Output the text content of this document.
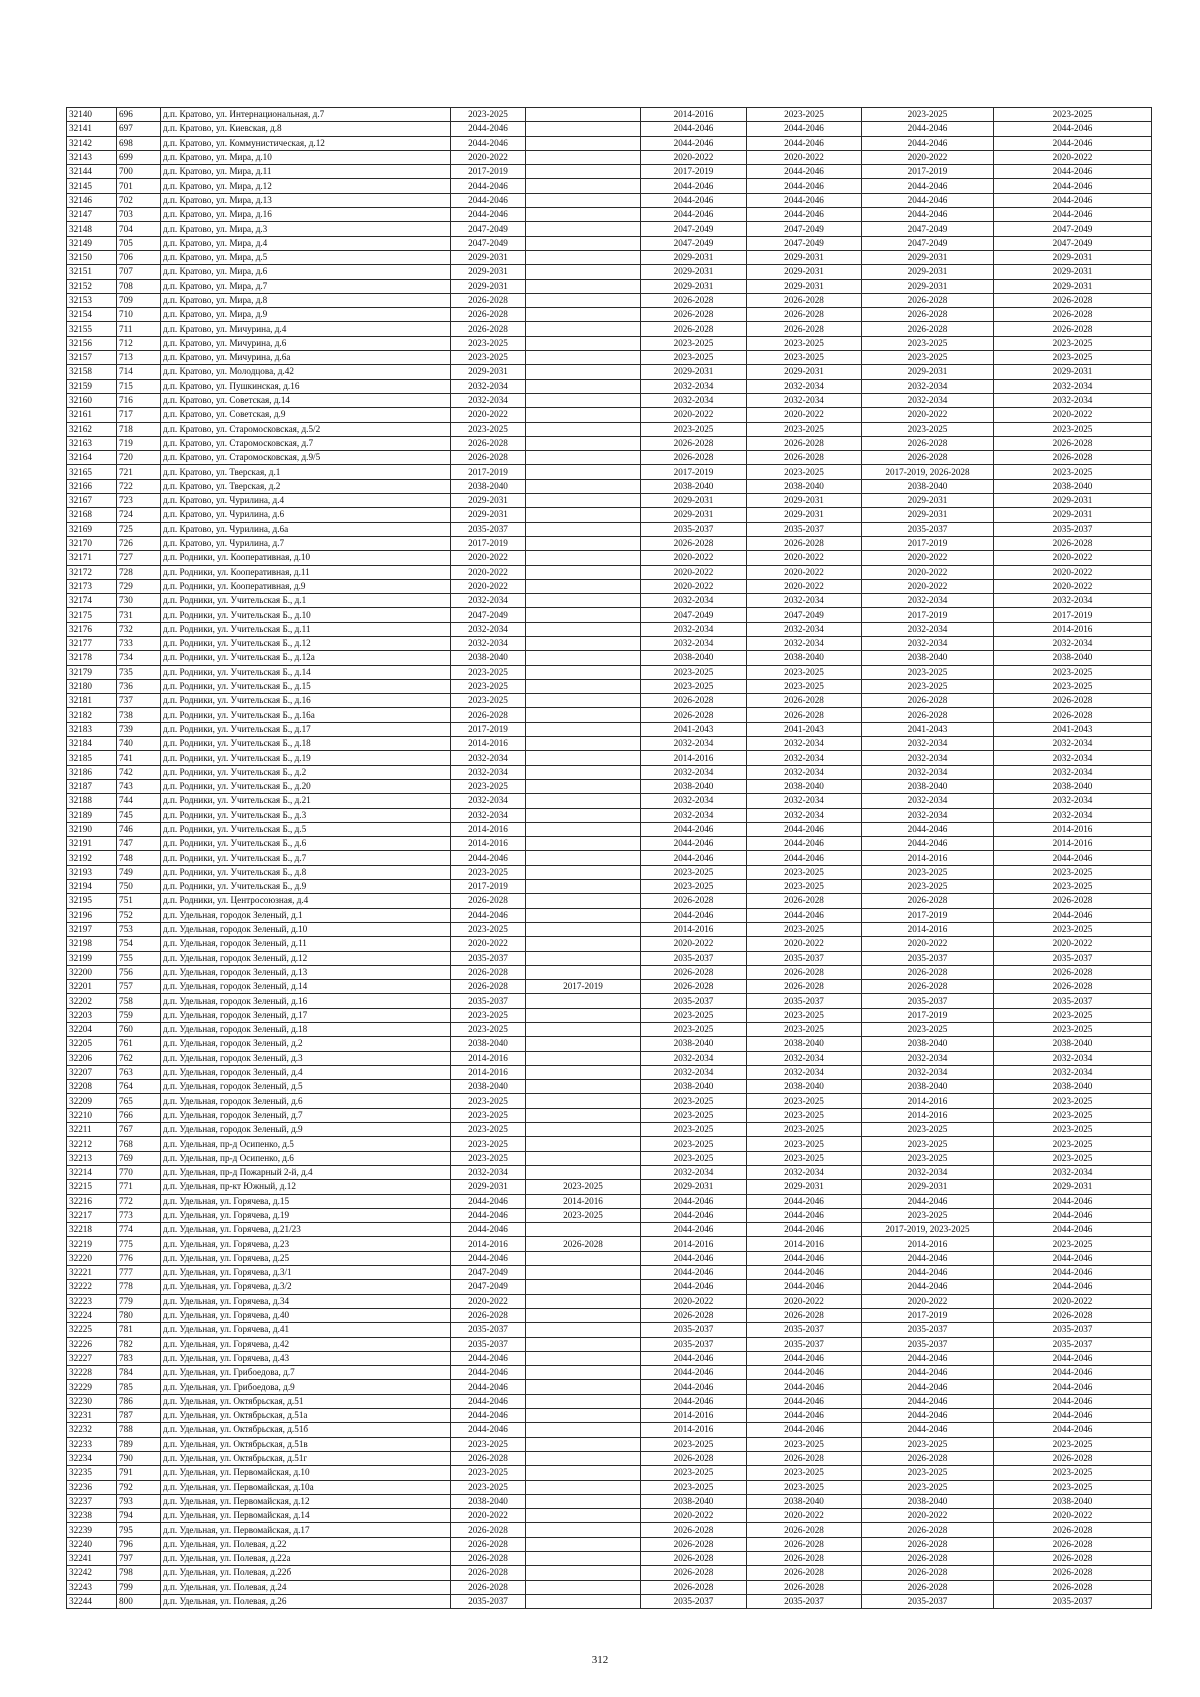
32140	696	д.п. Кратово, ул. Интернациональная, д.7	2023-2025		2014-2016	2023-2025	2023-2025	2023-2025
32141	697	д.п. Кратово, ул. Киевская, д.8	2044-2046		2044-2046	2044-2046	2044-2046	2044-2046
32142	698	д.п. Кратово, ул. Коммунистическая, д.12	2044-2046		2044-2046	2044-2046	2044-2046	2044-2046
32143	699	д.п. Кратово, ул. Мира, д.10	2020-2022		2020-2022	2020-2022	2020-2022	2020-2022
32144	700	д.п. Кратово, ул. Мира, д.11	2017-2019		2017-2019	2044-2046	2017-2019	2044-2046
32145	701	д.п. Кратово, ул. Мира, д.12	2044-2046		2044-2046	2044-2046	2044-2046	2044-2046
32146	702	д.п. Кратово, ул. Мира, д.13	2044-2046		2044-2046	2044-2046	2044-2046	2044-2046
32147	703	д.п. Кратово, ул. Мира, д.16	2044-2046		2044-2046	2044-2046	2044-2046	2044-2046
32148	704	д.п. Кратово, ул. Мира, д.3	2047-2049		2047-2049	2047-2049	2047-2049	2047-2049
32149	705	д.п. Кратово, ул. Мира, д.4	2047-2049		2047-2049	2047-2049	2047-2049	2047-2049
32150	706	д.п. Кратово, ул. Мира, д.5	2029-2031		2029-2031	2029-2031	2029-2031	2029-2031
32151	707	д.п. Кратово, ул. Мира, д.6	2029-2031		2029-2031	2029-2031	2029-2031	2029-2031
32152	708	д.п. Кратово, ул. Мира, д.7	2029-2031		2029-2031	2029-2031	2029-2031	2029-2031
32153	709	д.п. Кратово, ул. Мира, д.8	2026-2028		2026-2028	2026-2028	2026-2028	2026-2028
32154	710	д.п. Кратово, ул. Мира, д.9	2026-2028		2026-2028	2026-2028	2026-2028	2026-2028
32155	711	д.п. Кратово, ул. Мичурина, д.4	2026-2028		2026-2028	2026-2028	2026-2028	2026-2028
32156	712	д.п. Кратово, ул. Мичурина, д.6	2023-2025		2023-2025	2023-2025	2023-2025	2023-2025
32157	713	д.п. Кратово, ул. Мичурина, д.6а	2023-2025		2023-2025	2023-2025	2023-2025	2023-2025
32158	714	д.п. Кратово, ул. Молодцова, д.42	2029-2031		2029-2031	2029-2031	2029-2031	2029-2031
32159	715	д.п. Кратово, ул. Пушкинская, д.16	2032-2034		2032-2034	2032-2034	2032-2034	2032-2034
32160	716	д.п. Кратово, ул. Советская, д.14	2032-2034		2032-2034	2032-2034	2032-2034	2032-2034
32161	717	д.п. Кратово, ул. Советская, д.9	2020-2022		2020-2022	2020-2022	2020-2022	2020-2022
32162	718	д.п. Кратово, ул. Старомосковская, д.5/2	2023-2025		2023-2025	2023-2025	2023-2025	2023-2025
32163	719	д.п. Кратово, ул. Старомосковская, д.7	2026-2028		2026-2028	2026-2028	2026-2028	2026-2028
32164	720	д.п. Кратово, ул. Старомосковская, д.9/5	2026-2028		2026-2028	2026-2028	2026-2028	2026-2028
32165	721	д.п. Кратово, ул. Тверская, д.1	2017-2019		2017-2019	2023-2025	2017-2019, 2026-2028	2023-2025
32166	722	д.п. Кратово, ул. Тверская, д.2	2038-2040		2038-2040	2038-2040	2038-2040	2038-2040
32167	723	д.п. Кратово, ул. Чурилина, д.4	2029-2031		2029-2031	2029-2031	2029-2031	2029-2031
32168	724	д.п. Кратово, ул. Чурилина, д.6	2029-2031		2029-2031	2029-2031	2029-2031	2029-2031
32169	725	д.п. Кратово, ул. Чурилина, д.6а	2035-2037		2035-2037	2035-2037	2035-2037	2035-2037
32170	726	д.п. Кратово, ул. Чурилина, д.7	2017-2019		2026-2028	2026-2028	2017-2019	2026-2028
32171	727	д.п. Родники, ул. Кооперативная, д.10	2020-2022		2020-2022	2020-2022	2020-2022	2020-2022
32172	728	д.п. Родники, ул. Кооперативная, д.11	2020-2022		2020-2022	2020-2022	2020-2022	2020-2022
32173	729	д.п. Родники, ул. Кооперативная, д.9	2020-2022		2020-2022	2020-2022	2020-2022	2020-2022
32174	730	д.п. Родники, ул. Учительская Б., д.1	2032-2034		2032-2034	2032-2034	2032-2034	2032-2034
32175	731	д.п. Родники, ул. Учительская Б., д.10	2047-2049		2047-2049	2047-2049	2017-2019	2017-2019
32176	732	д.п. Родники, ул. Учительская Б., д.11	2032-2034		2032-2034	2032-2034	2032-2034	2014-2016
32177	733	д.п. Родники, ул. Учительская Б., д.12	2032-2034		2032-2034	2032-2034	2032-2034	2032-2034
32178	734	д.п. Родники, ул. Учительская Б., д.12а	2038-2040		2038-2040	2038-2040	2038-2040	2038-2040
32179	735	д.п. Родники, ул. Учительская Б., д.14	2023-2025		2023-2025	2023-2025	2023-2025	2023-2025
32180	736	д.п. Родники, ул. Учительская Б., д.15	2023-2025		2023-2025	2023-2025	2023-2025	2023-2025
32181	737	д.п. Родники, ул. Учительская Б., д.16	2023-2025		2026-2028	2026-2028	2026-2028	2026-2028
32182	738	д.п. Родники, ул. Учительская Б., д.16а	2026-2028		2026-2028	2026-2028	2026-2028	2026-2028
32183	739	д.п. Родники, ул. Учительская Б., д.17	2017-2019		2041-2043	2041-2043	2041-2043	2041-2043
32184	740	д.п. Родники, ул. Учительская Б., д.18	2014-2016		2032-2034	2032-2034	2032-2034	2032-2034
32185	741	д.п. Родники, ул. Учительская Б., д.19	2032-2034		2014-2016	2032-2034	2032-2034	2032-2034
32186	742	д.п. Родники, ул. Учительская Б., д.2	2032-2034		2032-2034	2032-2034	2032-2034	2032-2034
32187	743	д.п. Родники, ул. Учительская Б., д.20	2023-2025		2038-2040	2038-2040	2038-2040	2038-2040
32188	744	д.п. Родники, ул. Учительская Б., д.21	2032-2034		2032-2034	2032-2034	2032-2034	2032-2034
32189	745	д.п. Родники, ул. Учительская Б., д.3	2032-2034		2032-2034	2032-2034	2032-2034	2032-2034
32190	746	д.п. Родники, ул. Учительская Б., д.5	2014-2016		2044-2046	2044-2046	2044-2046	2014-2016
32191	747	д.п. Родники, ул. Учительская Б., д.6	2014-2016		2044-2046	2044-2046	2044-2046	2014-2016
32192	748	д.п. Родники, ул. Учительская Б., д.7	2044-2046		2044-2046	2044-2046	2014-2016	2044-2046
32193	749	д.п. Родники, ул. Учительская Б., д.8	2023-2025		2023-2025	2023-2025	2023-2025	2023-2025
32194	750	д.п. Родники, ул. Учительская Б., д.9	2017-2019		2023-2025	2023-2025	2023-2025	2023-2025
32195	751	д.п. Родники, ул. Центросоюзная, д.4	2026-2028		2026-2028	2026-2028	2026-2028	2026-2028
32196	752	д.п. Удельная, городок Зеленый, д.1	2044-2046		2044-2046	2044-2046	2017-2019	2044-2046
32197	753	д.п. Удельная, городок Зеленый, д.10	2023-2025		2014-2016	2023-2025	2014-2016	2023-2025
32198	754	д.п. Удельная, городок Зеленый, д.11	2020-2022		2020-2022	2020-2022	2020-2022	2020-2022
32199	755	д.п. Удельная, городок Зеленый, д.12	2035-2037		2035-2037	2035-2037	2035-2037	2035-2037
32200	756	д.п. Удельная, городок Зеленый, д.13	2026-2028		2026-2028	2026-2028	2026-2028	2026-2028
32201	757	д.п. Удельная, городок Зеленый, д.14	2026-2028	2017-2019	2026-2028	2026-2028	2026-2028	2026-2028
32202	758	д.п. Удельная, городок Зеленый, д.16	2035-2037		2035-2037	2035-2037	2035-2037	2035-2037
32203	759	д.п. Удельная, городок Зеленый, д.17	2023-2025		2023-2025	2023-2025	2017-2019	2023-2025
32204	760	д.п. Удельная, городок Зеленый, д.18	2023-2025		2023-2025	2023-2025	2023-2025	2023-2025
32205	761	д.п. Удельная, городок Зеленый, д.2	2038-2040		2038-2040	2038-2040	2038-2040	2038-2040
32206	762	д.п. Удельная, городок Зеленый, д.3	2014-2016		2032-2034	2032-2034	2032-2034	2032-2034
32207	763	д.п. Удельная, городок Зеленый, д.4	2014-2016		2032-2034	2032-2034	2032-2034	2032-2034
32208	764	д.п. Удельная, городок Зеленый, д.5	2038-2040		2038-2040	2038-2040	2038-2040	2038-2040
32209	765	д.п. Удельная, городок Зеленый, д.6	2023-2025		2023-2025	2023-2025	2014-2016	2023-2025
32210	766	д.п. Удельная, городок Зеленый, д.7	2023-2025		2023-2025	2023-2025	2014-2016	2023-2025
32211	767	д.п. Удельная, городок Зеленый, д.9	2023-2025		2023-2025	2023-2025	2023-2025	2023-2025
32212	768	д.п. Удельная, пр-д Осипенко, д.5	2023-2025		2023-2025	2023-2025	2023-2025	2023-2025
32213	769	д.п. Удельная, пр-д Осипенко, д.6	2023-2025		2023-2025	2023-2025	2023-2025	2023-2025
32214	770	д.п. Удельная, пр-д Пожарный 2-й, д.4	2032-2034		2032-2034	2032-2034	2032-2034	2032-2034
32215	771	д.п. Удельная, пр-кт Южный, д.12	2029-2031	2023-2025	2029-2031	2029-2031	2029-2031	2029-2031
32216	772	д.п. Удельная, ул. Горячева, д.15	2044-2046	2014-2016	2044-2046	2044-2046	2044-2046	2044-2046
32217	773	д.п. Удельная, ул. Горячева, д.19	2044-2046	2023-2025	2044-2046	2044-2046	2023-2025	2044-2046
32218	774	д.п. Удельная, ул. Горячева, д.21/23	2044-2046		2044-2046	2044-2046	2017-2019, 2023-2025	2044-2046
32219	775	д.п. Удельная, ул. Горячева, д.23	2014-2016	2026-2028	2014-2016	2014-2016	2014-2016	2023-2025
32220	776	д.п. Удельная, ул. Горячева, д.25	2044-2046		2044-2046	2044-2046	2044-2046	2044-2046
32221	777	д.п. Удельная, ул. Горячева, д.3/1	2047-2049		2044-2046	2044-2046	2044-2046	2044-2046
32222	778	д.п. Удельная, ул. Горячева, д.3/2	2047-2049		2044-2046	2044-2046	2044-2046	2044-2046
32223	779	д.п. Удельная, ул. Горячева, д.34	2020-2022		2020-2022	2020-2022	2020-2022	2020-2022
32224	780	д.п. Удельная, ул. Горячева, д.40	2026-2028		2026-2028	2026-2028	2017-2019	2026-2028
32225	781	д.п. Удельная, ул. Горячева, д.41	2035-2037		2035-2037	2035-2037	2035-2037	2035-2037
32226	782	д.п. Удельная, ул. Горячева, д.42	2035-2037		2035-2037	2035-2037	2035-2037	2035-2037
32227	783	д.п. Удельная, ул. Горячева, д.43	2044-2046		2044-2046	2044-2046	2044-2046	2044-2046
32228	784	д.п. Удельная, ул. Грибоедова, д.7	2044-2046		2044-2046	2044-2046	2044-2046	2044-2046
32229	785	д.п. Удельная, ул. Грибоедова, д.9	2044-2046		2044-2046	2044-2046	2044-2046	2044-2046
32230	786	д.п. Удельная, ул. Октябрьская, д.51	2044-2046		2044-2046	2044-2046	2044-2046	2044-2046
32231	787	д.п. Удельная, ул. Октябрьская, д.51а	2044-2046		2014-2016	2044-2046	2044-2046	2044-2046
32232	788	д.п. Удельная, ул. Октябрьская, д.51б	2044-2046		2014-2016	2044-2046	2044-2046	2044-2046
32233	789	д.п. Удельная, ул. Октябрьская, д.51в	2023-2025		2023-2025	2023-2025	2023-2025	2023-2025
32234	790	д.п. Удельная, ул. Октябрьская, д.51г	2026-2028		2026-2028	2026-2028	2026-2028	2026-2028
32235	791	д.п. Удельная, ул. Первомайская, д.10	2023-2025		2023-2025	2023-2025	2023-2025	2023-2025
32236	792	д.п. Удельная, ул. Первомайская, д.10а	2023-2025		2023-2025	2023-2025	2023-2025	2023-2025
32237	793	д.п. Удельная, ул. Первомайская, д.12	2038-2040		2038-2040	2038-2040	2038-2040	2038-2040
32238	794	д.п. Удельная, ул. Первомайская, д.14	2020-2022		2020-2022	2020-2022	2020-2022	2020-2022
32239	795	д.п. Удельная, ул. Первомайская, д.17	2026-2028		2026-2028	2026-2028	2026-2028	2026-2028
32240	796	д.п. Удельная, ул. Полевая, д.22	2026-2028		2026-2028	2026-2028	2026-2028	2026-2028
32241	797	д.п. Удельная, ул. Полевая, д.22а	2026-2028		2026-2028	2026-2028	2026-2028	2026-2028
32242	798	д.п. Удельная, ул. Полевая, д.22б	2026-2028		2026-2028	2026-2028	2026-2028	2026-2028
32243	799	д.п. Удельная, ул. Полевая, д.24	2026-2028		2026-2028	2026-2028	2026-2028	2026-2028
32244	800	д.п. Удельная, ул. Полевая, д.26	2035-2037		2035-2037	2035-2037	2035-2037	2035-2037
312
